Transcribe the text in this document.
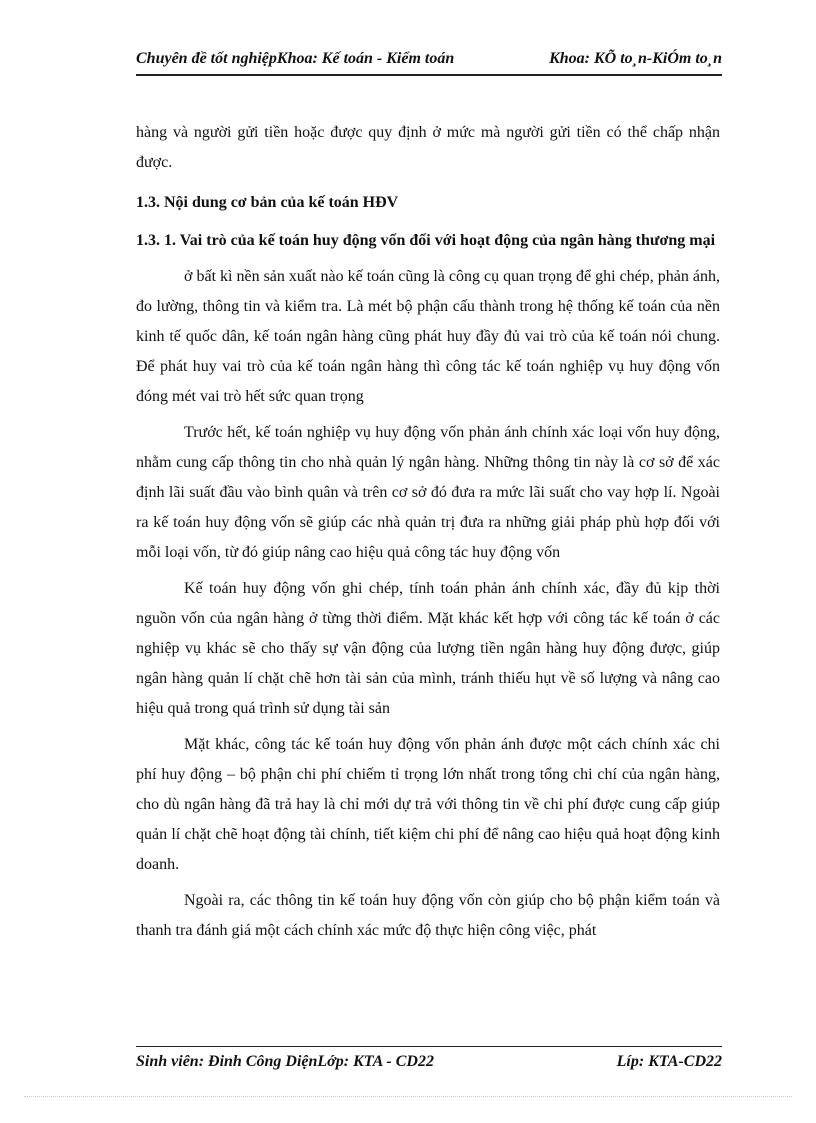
Chuyên đề tốt nghiệpKhoa: Kế toán - Kiểm toán	Khoa: KÕ to¸n-KiÓm to¸n

hàng và người gửi tiền hoặc được quy định ở mức mà người gửi tiền có thể chấp nhận được.

1.3. Nội dung cơ bản của kế toán HĐV
1.3. 1. Vai trò của kế toán huy động vốn đối với hoạt động của ngân hàng thương mại

ở bất kì nền sản xuất nào kế toán cũng là công cụ quan trọng để ghi chép, phản ánh, đo lường, thông tin và kiểm tra. Là mét bộ phận cấu thành trong hệ thống kế toán của nền kinh tế quốc dân, kế toán ngân hàng cũng phát huy đầy đủ vai trò của kế toán nói chung. Để phát huy vai trò của kế toán ngân hàng thì công tác kế toán nghiệp vụ huy động vốn đóng mét vai trò hết sức quan trọng

Trước hết, kế toán nghiệp vụ huy động vốn phản ánh chính xác loại vốn huy động, nhằm cung cấp thông tin cho nhà quản lý ngân hàng. Những thông tin này là cơ sở để xác định lãi suất đầu vào bình quân và trên cơ sở đó đưa ra mức lãi suất cho vay hợp lí. Ngoài ra kế toán huy động vốn sẽ giúp các nhà quản trị đưa ra những giải pháp phù hợp đối với mỗi loại vốn, từ đó giúp nâng cao hiệu quả công tác huy động vốn

Kế toán huy động vốn ghi chép, tính toán phản ánh chính xác, đầy đủ kịp thời nguồn vốn của ngân hàng ở từng thời điểm. Mặt khác kết hợp với công tác kế toán ở các nghiệp vụ khác sẽ cho thấy sự vận động của lượng tiền ngân hàng huy động được, giúp ngân hàng quản lí chặt chẽ hơn tài sản của mình, tránh thiếu hụt về số lượng và nâng cao hiệu quả trong quá trình sử dụng tài sản

Mặt khác, công tác kế toán huy động vốn phản ánh được một cách chính xác chi phí huy động – bộ phận chi phí chiếm tỉ trọng lớn nhất trong tổng chi chí của ngân hàng, cho dù ngân hàng đã trả hay là chỉ mới dự trả với thông tin về chi phí được cung cấp giúp quản lí chặt chẽ hoạt động tài chính, tiết kiệm chi phí để nâng cao hiệu quả hoạt động kinh doanh.

Ngoài ra, các thông tin kế toán huy động vốn còn giúp cho bộ phận kiểm toán và thanh tra đánh giá một cách chính xác mức độ thực hiện công việc, phát

Sinh viên: Đinh Công DiệnLớp: KTA - CD22	Líp: KTA-CD22
